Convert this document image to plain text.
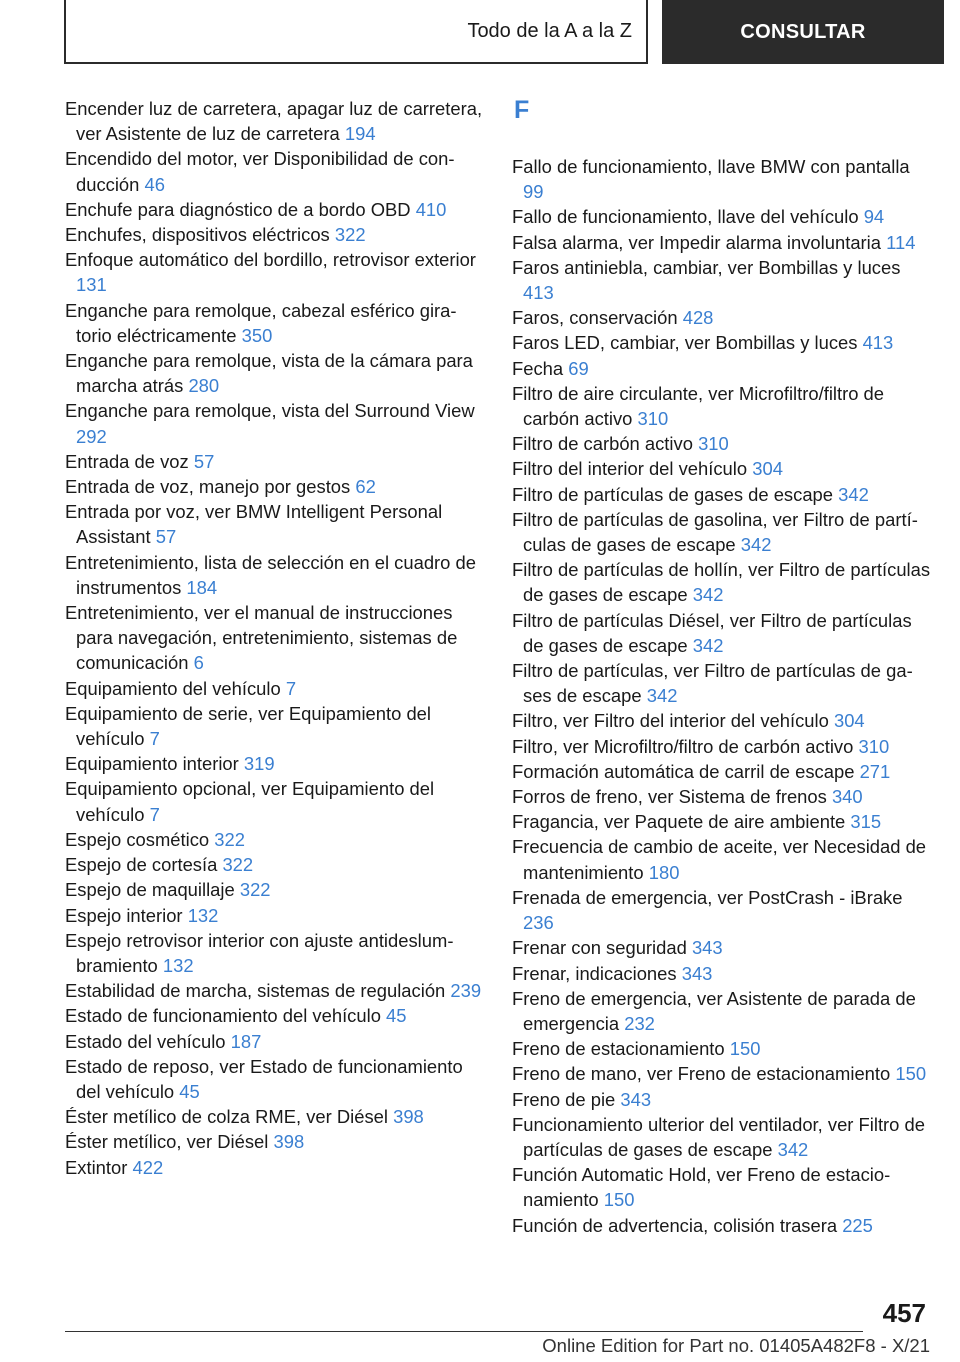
Todo de la A a la Z	CONSULTAR
Encender luz de carretera, apagar luz de carretera, ver Asistente de luz de carretera 194
Encendido del motor, ver Disponibilidad de conducción 46
Enchufe para diagnóstico de a bordo OBD 410
Enchufes, dispositivos eléctricos 322
Enfoque automático del bordillo, retrovisor exterior 131
Enganche para remolque, cabezal esférico giratorio eléctricamente 350
Enganche para remolque, vista de la cámara para marcha atrás 280
Enganche para remolque, vista del Surround View 292
Entrada de voz 57
Entrada de voz, manejo por gestos 62
Entrada por voz, ver BMW Intelligent Personal Assistant 57
Entretenimiento, lista de selección en el cuadro de instrumentos 184
Entretenimiento, ver el manual de instrucciones para navegación, entretenimiento, sistemas de comunicación 6
Equipamiento del vehículo 7
Equipamiento de serie, ver Equipamiento del vehículo 7
Equipamiento interior 319
Equipamiento opcional, ver Equipamiento del vehículo 7
Espejo cosmético 322
Espejo de cortesía 322
Espejo de maquillaje 322
Espejo interior 132
Espejo retrovisor interior con ajuste antideslumbramiento 132
Estabilidad de marcha, sistemas de regulación 239
Estado de funcionamiento del vehículo 45
Estado del vehículo 187
Estado de reposo, ver Estado de funcionamiento del vehículo 45
Éster metílico de colza RME, ver Diésel 398
Éster metílico, ver Diésel 398
Extintor 422
F
Fallo de funcionamiento, llave BMW con pantalla 99
Fallo de funcionamiento, llave del vehículo 94
Falsa alarma, ver Impedir alarma involuntaria 114
Faros antiniebla, cambiar, ver Bombillas y luces 413
Faros, conservación 428
Faros LED, cambiar, ver Bombillas y luces 413
Fecha 69
Filtro de aire circulante, ver Microfiltro/filtro de carbón activo 310
Filtro de carbón activo 310
Filtro del interior del vehículo 304
Filtro de partículas de gases de escape 342
Filtro de partículas de gasolina, ver Filtro de partículas de gases de escape 342
Filtro de partículas de hollín, ver Filtro de partículas de gases de escape 342
Filtro de partículas Diésel, ver Filtro de partículas de gases de escape 342
Filtro de partículas, ver Filtro de partículas de gases de escape 342
Filtro, ver Filtro del interior del vehículo 304
Filtro, ver Microfiltro/filtro de carbón activo 310
Formación automática de carril de escape 271
Forros de freno, ver Sistema de frenos 340
Fragancia, ver Paquete de aire ambiente 315
Frecuencia de cambio de aceite, ver Necesidad de mantenimiento 180
Frenada de emergencia, ver PostCrash - iBrake 236
Frenar con seguridad 343
Frenar, indicaciones 343
Freno de emergencia, ver Asistente de parada de emergencia 232
Freno de estacionamiento 150
Freno de mano, ver Freno de estacionamiento 150
Freno de pie 343
Funcionamiento ulterior del ventilador, ver Filtro de partículas de gases de escape 342
Función Automatic Hold, ver Freno de estacionamiento 150
Función de advertencia, colisión trasera 225
457
Online Edition for Part no. 01405A482F8 - X/21
